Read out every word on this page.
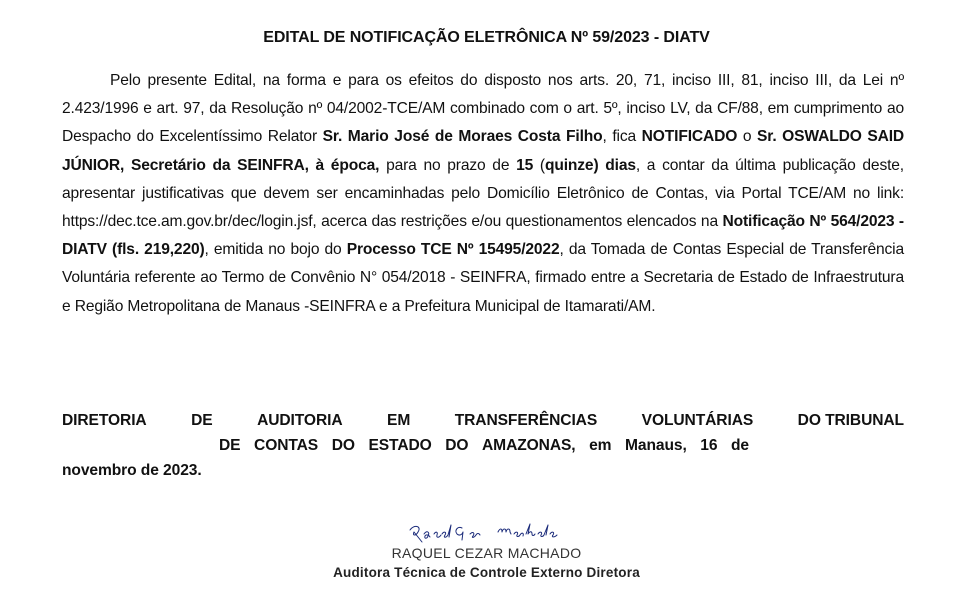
EDITAL DE NOTIFICAÇÃO ELETRÔNICA Nº 59/2023 - DIATV
Pelo presente Edital, na forma e para os efeitos do disposto nos arts. 20, 71, inciso III, 81, inciso III, da Lei nº 2.423/1996 e art. 97, da Resolução nº 04/2002-TCE/AM combinado com o art. 5º, inciso LV, da CF/88, em cumprimento ao Despacho do Excelentíssimo Relator Sr. Mario José de Moraes Costa Filho, fica NOTIFICADO o Sr. OSWALDO SAID JÚNIOR, Secretário da SEINFRA, à época, para no prazo de 15 (quinze) dias, a contar da última publicação deste, apresentar justificativas que devem ser encaminhadas pelo Domicílio Eletrônico de Contas, via Portal TCE/AM no link: https://dec.tce.am.gov.br/dec/login.jsf, acerca das restrições e/ou questionamentos elencados na Notificação Nº 564/2023 - DIATV (fls. 219,220), emitida no bojo do Processo TCE Nº 15495/2022, da Tomada de Contas Especial de Transferência Voluntária referente ao Termo de Convênio N° 054/2018 - SEINFRA, firmado entre a Secretaria de Estado de Infraestrutura e Região Metropolitana de Manaus -SEINFRA e a Prefeitura Municipal de Itamarati/AM.
DIRETORIA	DE	AUDITORIA	EM	TRANSFERÊNCIAS	VOLUNTÁRIAS	DO TRIBUNAL
DE CONTAS DO ESTADO DO AMAZONAS, em Manaus, 16 de
novembro de 2023.
RAQUEL CEZAR MACHADO
Auditora Técnica de Controle Externo Diretora
